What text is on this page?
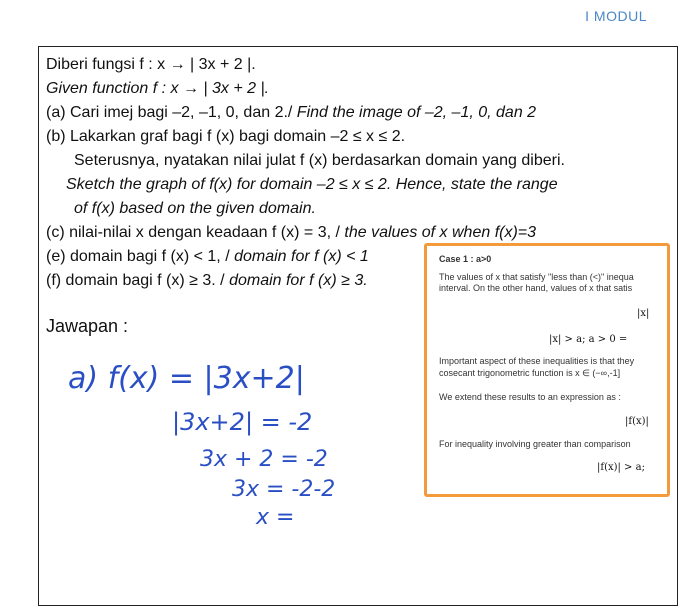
I MODUL
Diberi fungsi f : x → | 3x + 2 |.
Given function f : x → | 3x + 2 |.
(a) Cari imej bagi –2, –1, 0, dan 2./ Find the image of –2, –1, 0, dan 2
(b) Lakarkan graf bagi f (x) bagi domain –2 ≤ x ≤ 2.
Seterusnya, nyatakan nilai julat f (x) berdasarkan domain yang diberi.
Sketch the graph of f(x) for domain –2 ≤ x ≤ 2. Hence, state the range
of f(x) based on the given domain.
(c) nilai-nilai x dengan keadaan f (x) = 3, / the values of x when f(x)=3
(e) domain bagi f (x) < 1, / domain for f (x) < 1
(f) domain bagi f (x) ≥ 3. / domain for f (x) ≥ 3.
Jawapan :
a) f(x) = |3x+2|
|3x+2| = -2
3x + 2 = -2
3x = -2-2
x =
Case 1 : a>0
The values of x that satisfy "less than (<)" inequa
interval. On the other hand, values of x that satis
|x|
|x| > a; a > 0 =
Important aspect of these inequalities is that they
cosecant trigonometric function is x ∈ (−∞,-1]
We extend these results to an expression as :
|f(x)|
For inequality involving greater than comparison
|f(x)| > a;
